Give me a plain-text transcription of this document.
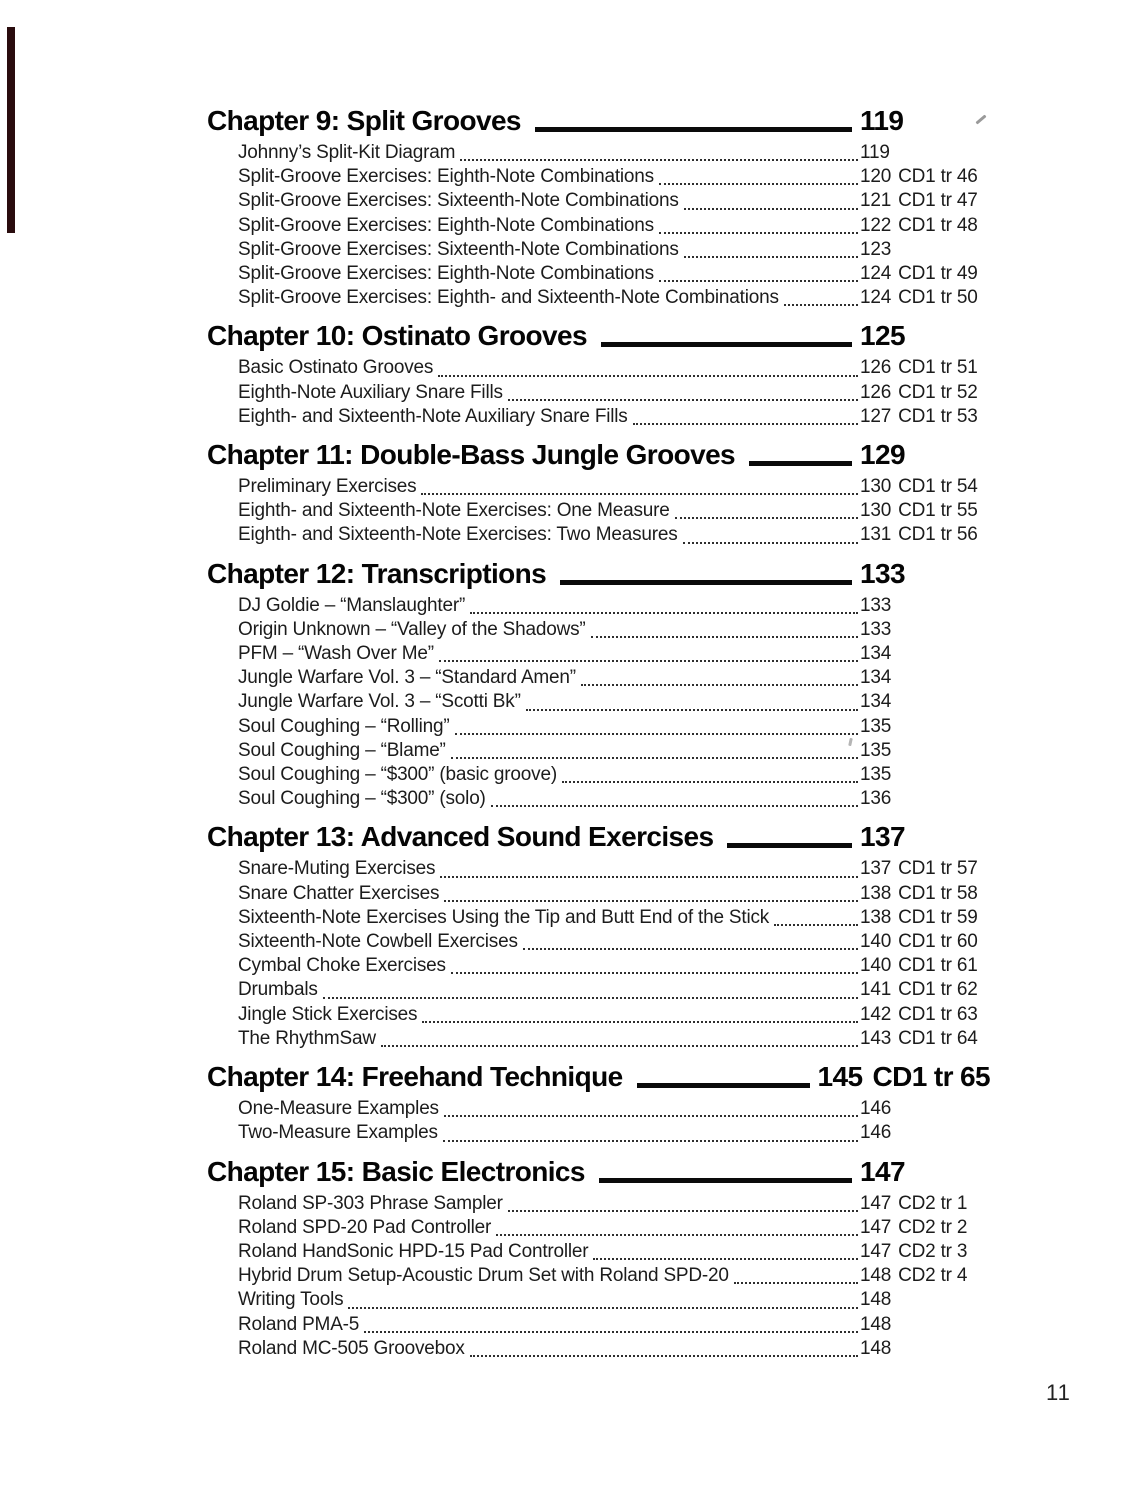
Chapter 9: Split Grooves	119
Johnny’s Split-Kit Diagram	119
Split-Groove Exercises: Eighth-Note Combinations	120 CD1 tr 46
Split-Groove Exercises: Sixteenth-Note Combinations	121 CD1 tr 47
Split-Groove Exercises: Eighth-Note Combinations	122 CD1 tr 48
Split-Groove Exercises: Sixteenth-Note Combinations	123
Split-Groove Exercises: Eighth-Note Combinations	124 CD1 tr 49
Split-Groove Exercises: Eighth- and Sixteenth-Note Combinations	124 CD1 tr 50
Chapter 10: Ostinato Grooves	125
Basic Ostinato Grooves	126 CD1 tr 51
Eighth-Note Auxiliary Snare Fills	126 CD1 tr 52
Eighth- and Sixteenth-Note Auxiliary Snare Fills	127 CD1 tr 53
Chapter 11: Double-Bass Jungle Grooves	129
Preliminary Exercises	130 CD1 tr 54
Eighth- and Sixteenth-Note Exercises: One Measure	130 CD1 tr 55
Eighth- and Sixteenth-Note Exercises: Two Measures	131 CD1 tr 56
Chapter 12: Transcriptions	133
DJ Goldie – “Manslaughter”	133
Origin Unknown – “Valley of the Shadows”	133
PFM – “Wash Over Me”	134
Jungle Warfare Vol. 3 – “Standard Amen”	134
Jungle Warfare Vol. 3 – “Scotti Bk”	134
Soul Coughing – “Rolling”	135
Soul Coughing – “Blame”	135
Soul Coughing – “$300” (basic groove)	135
Soul Coughing – “$300” (solo)	136
Chapter 13: Advanced Sound Exercises	137
Snare-Muting Exercises	137 CD1 tr 57
Snare Chatter Exercises	138 CD1 tr 58
Sixteenth-Note Exercises Using the Tip and Butt End of the Stick	138 CD1 tr 59
Sixteenth-Note Cowbell Exercises	140 CD1 tr 60
Cymbal Choke Exercises	140 CD1 tr 61
Drumbals	141 CD1 tr 62
Jingle Stick Exercises	142 CD1 tr 63
The RhythmSaw	143 CD1 tr 64
Chapter 14: Freehand Technique	145 CD1 tr 65
One-Measure Examples	146
Two-Measure Examples	146
Chapter 15: Basic Electronics	147
Roland SP-303 Phrase Sampler	147 CD2 tr 1
Roland SPD-20 Pad Controller	147 CD2 tr 2
Roland HandSonic HPD-15 Pad Controller	147 CD2 tr 3
Hybrid Drum Setup-Acoustic Drum Set with Roland SPD-20	148 CD2 tr 4
Writing Tools	148
Roland PMA-5	148
Roland MC-505 Groovebox	148
11
